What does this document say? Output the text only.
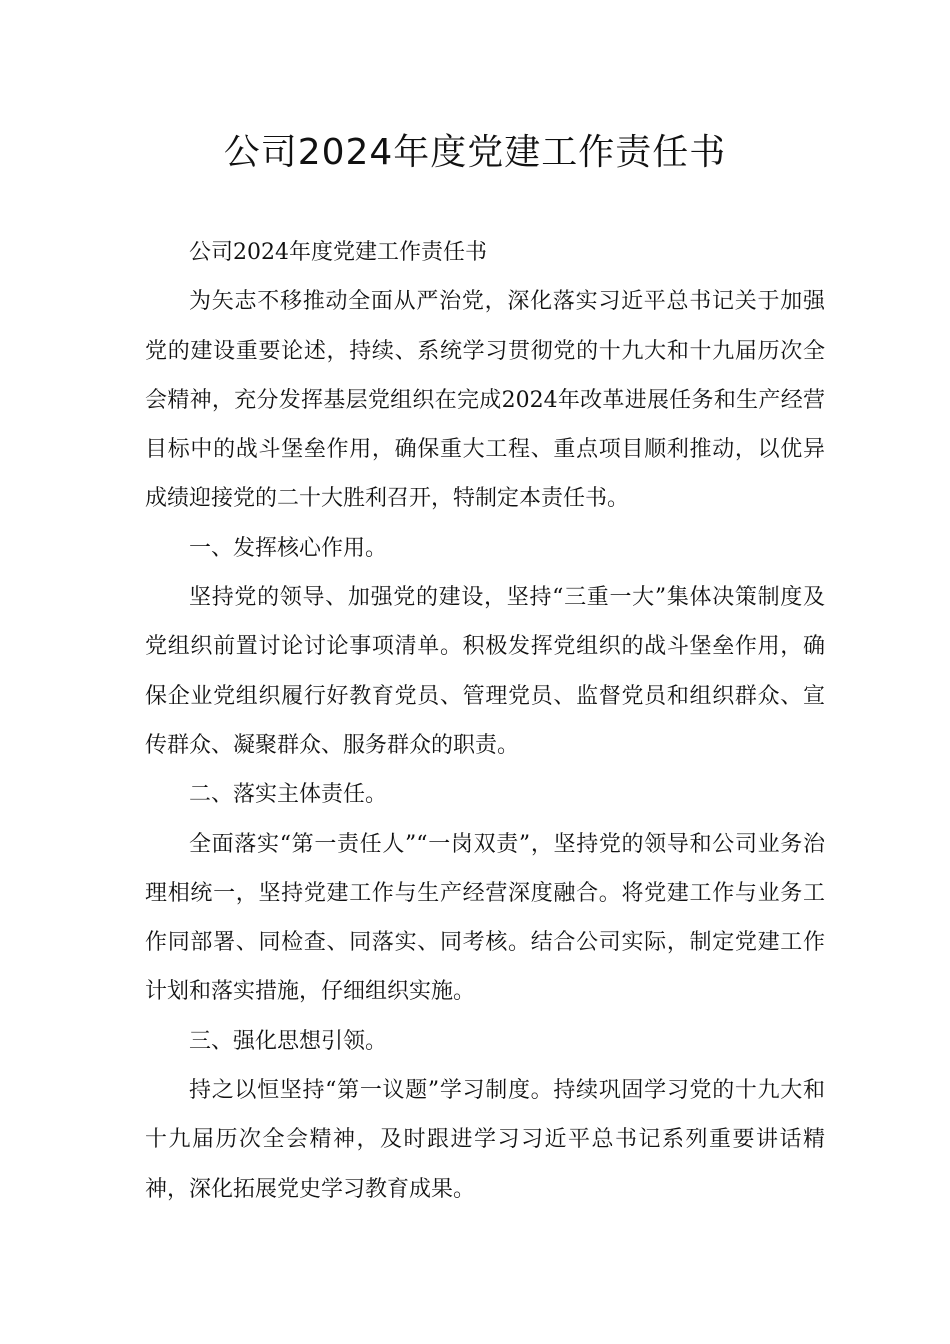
公司2024年度党建工作责任书

公司2024年度党建工作责任书

为矢志不移推动全面从严治党，深化落实习近平总书记关于加强党的建设重要论述，持续、系统学习贯彻党的十九大和十九届历次全会精神，充分发挥基层党组织在完成2024年改革进展任务和生产经营目标中的战斗堡垒作用，确保重大工程、重点项目顺利推动，以优异成绩迎接党的二十大胜利召开，特制定本责任书。

一、发挥核心作用。

坚持党的领导、加强党的建设，坚持“三重一大”集体决策制度及党组织前置讨论讨论事项清单。积极发挥党组织的战斗堡垒作用，确保企业党组织履行好教育党员、管理党员、监督党员和组织群众、宣传群众、凝聚群众、服务群众的职责。

二、落实主体责任。

全面落实“第一责任人”“一岗双责”，坚持党的领导和公司业务治理相统一，坚持党建工作与生产经营深度融合。将党建工作与业务工作同部署、同检查、同落实、同考核。结合公司实际，制定党建工作计划和落实措施，仔细组织实施。

三、强化思想引领。

持之以恒坚持“第一议题”学习制度。持续巩固学习党的十九大和十九届历次全会精神，及时跟进学习习近平总书记系列重要讲话精神，深化拓展党史学习教育成果。
